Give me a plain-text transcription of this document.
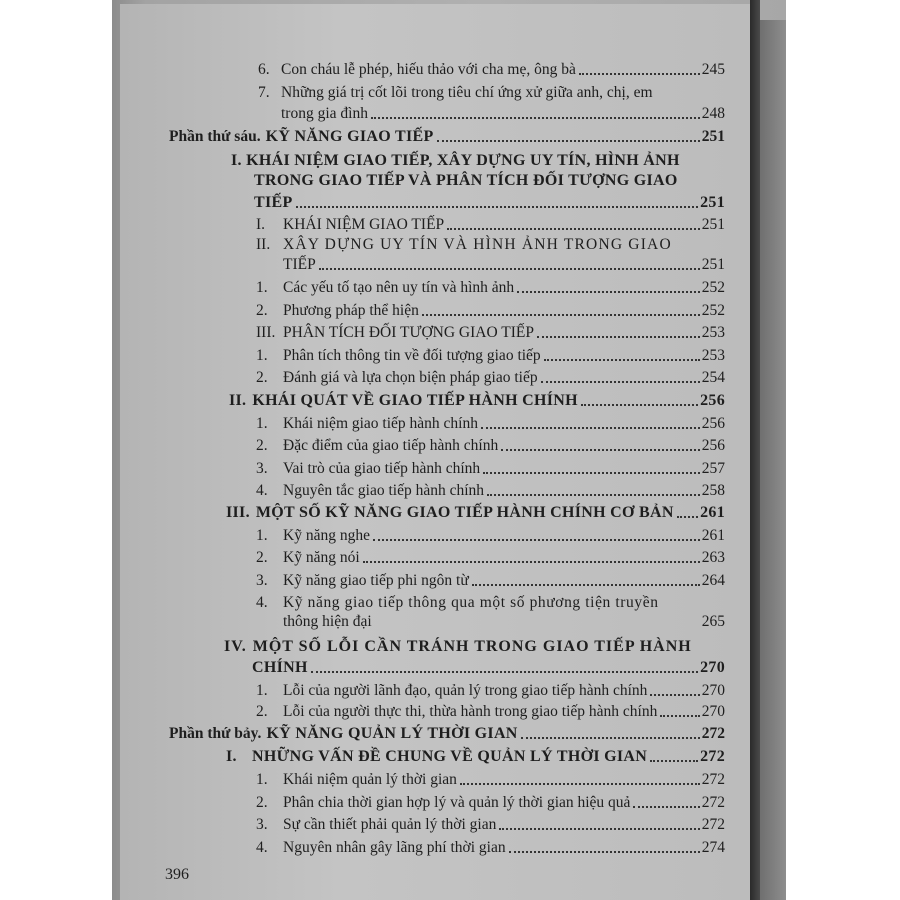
6. Con cháu lễ phép, hiếu thảo với cha mẹ, ông bà	245
7. Những giá trị cốt lõi trong tiêu chí ứng xử giữa anh, chị, em
trong gia đình	248
Phần thứ sáu. KỸ NĂNG GIAO TIẾP	251
I. KHÁI NIỆM GIAO TIẾP, XÂY DỰNG UY TÍN, HÌNH ẢNH
TRONG GIAO TIẾP VÀ PHÂN TÍCH ĐỐI TƯỢNG GIAO
TIẾP	251
I.	KHÁI NIỆM GIAO TIẾP	251
II. XÂY DỰNG UY TÍN VÀ HÌNH ẢNH TRONG GIAO
TIẾP	251
1. Các yếu tố tạo nên uy tín và hình ảnh	252
2. Phương pháp thể hiện	252
III. PHÂN TÍCH ĐỐI TƯỢNG GIAO TIẾP	253
1. Phân tích thông tin về đối tượng giao tiếp	253
2. Đánh giá và lựa chọn biện pháp giao tiếp	254
II. KHÁI QUÁT VỀ GIAO TIẾP HÀNH CHÍNH	256
1. Khái niệm giao tiếp hành chính	256
2. Đặc điểm của giao tiếp hành chính	256
3. Vai trò của giao tiếp hành chính	257
4. Nguyên tắc giao tiếp hành chính	258
III. MỘT SỐ KỸ NĂNG GIAO TIẾP HÀNH CHÍNH CƠ BẢN 261
1. Kỹ năng nghe	261
2. Kỹ năng nói	263
3. Kỹ năng giao tiếp phi ngôn từ	264
4. Kỹ năng giao tiếp thông qua một số phương tiện truyền
thông hiện đại	265
IV. MỘT SỐ LỖI CẦN TRÁNH TRONG GIAO TIẾP HÀNH
CHÍNH	270
1. Lỗi của người lãnh đạo, quản lý trong giao tiếp hành chính	270
2. Lỗi của người thực thi, thừa hành trong giao tiếp hành chính	270
Phần thứ bảy. KỸ NĂNG QUẢN LÝ THỜI GIAN	272
I. NHỮNG VẤN ĐỀ CHUNG VỀ QUẢN LÝ THỜI GIAN	272
1. Khái niệm quản lý thời gian	272
2. Phân chia thời gian hợp lý và quản lý thời gian hiệu quả	272
3. Sự cần thiết phải quản lý thời gian	272
4. Nguyên nhân gây lãng phí thời gian	274
396
